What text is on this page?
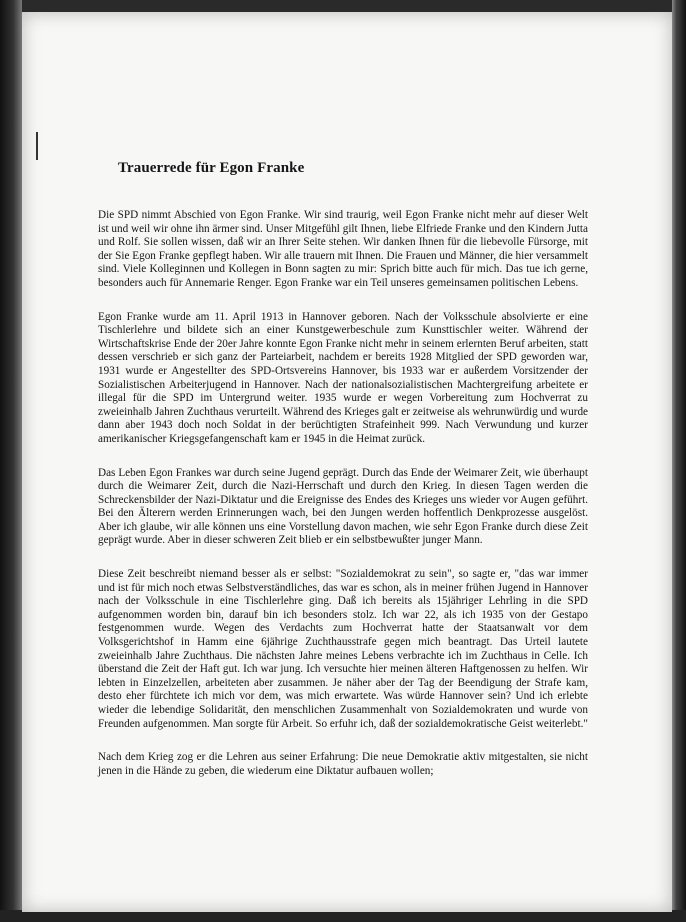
Trauerrede für Egon Franke

Die SPD nimmt Abschied von Egon Franke. Wir sind traurig, weil Egon Franke nicht mehr auf dieser Welt ist und weil wir ohne ihn ärmer sind. Unser Mitgefühl gilt Ihnen, liebe Elfriede Franke und den Kindern Jutta und Rolf. Sie sollen wissen, daß wir an Ihrer Seite stehen. Wir danken Ihnen für die liebevolle Fürsorge, mit der Sie Egon Franke gepflegt haben. Wir alle trauern mit Ihnen. Die Frauen und Männer, die hier versammelt sind. Viele Kolleginnen und Kollegen in Bonn sagten zu mir: Sprich bitte auch für mich. Das tue ich gerne, besonders auch für Annemarie Renger. Egon Franke war ein Teil unseres gemeinsamen politischen Lebens.

Egon Franke wurde am 11. April 1913 in Hannover geboren. Nach der Volksschule absolvierte er eine Tischlerlehre und bildete sich an einer Kunstgewerbeschule zum Kunsttischler weiter. Während der Wirtschaftskrise Ende der 20er Jahre konnte Egon Franke nicht mehr in seinem erlernten Beruf arbeiten, statt dessen verschrieb er sich ganz der Parteiarbeit, nachdem er bereits 1928 Mitglied der SPD geworden war, 1931 wurde er Angestellter des SPD-Ortsvereins Hannover, bis 1933 war er außerdem Vorsitzender der Sozialistischen Arbeiterjugend in Hannover. Nach der nationalsozialistischen Machtergreifung arbeitete er illegal für die SPD im Untergrund weiter. 1935 wurde er wegen Vorbereitung zum Hochverrat zu zweieinhalb Jahren Zuchthaus verurteilt. Während des Krieges galt er zeitweise als wehrunwürdig und wurde dann aber 1943 doch noch Soldat in der berüchtigten Strafeinheit 999. Nach Verwundung und kurzer amerikanischer Kriegsgefangenschaft kam er 1945 in die Heimat zurück.

Das Leben Egon Frankes war durch seine Jugend geprägt. Durch das Ende der Weimarer Zeit, wie überhaupt durch die Weimarer Zeit, durch die Nazi-Herrschaft und durch den Krieg. In diesen Tagen werden die Schreckensbilder der Nazi-Diktatur und die Ereignisse des Endes des Krieges uns wieder vor Augen geführt. Bei den Älterern werden Erinnerungen wach, bei den Jungen werden hoffentlich Denkprozesse ausgelöst. Aber ich glaube, wir alle können uns eine Vorstellung davon machen, wie sehr Egon Franke durch diese Zeit geprägt wurde. Aber in dieser schweren Zeit blieb er ein selbstbewußter junger Mann.

Diese Zeit beschreibt niemand besser als er selbst: "Sozialdemokrat zu sein", so sagte er, "das war immer und ist für mich noch etwas Selbstverständliches, das war es schon, als in meiner frühen Jugend in Hannover nach der Volksschule in eine Tischlerlehre ging. Daß ich bereits als 15jähriger Lehrling in die SPD aufgenommen worden bin, darauf bin ich besonders stolz. Ich war 22, als ich 1935 von der Gestapo festgenommen wurde. Wegen des Verdachts zum Hochverrat hatte der Staatsanwalt vor dem Volksgerichtshof in Hamm eine 6jährige Zuchthausstrafe gegen mich beantragt. Das Urteil lautete zweieinhalb Jahre Zuchthaus. Die nächsten Jahre meines Lebens verbrachte ich im Zuchthaus in Celle. Ich überstand die Zeit der Haft gut. Ich war jung. Ich versuchte hier meinen älteren Haftgenossen zu helfen. Wir lebten in Einzelzellen, arbeiteten aber zusammen. Je näher aber der Tag der Beendigung der Strafe kam, desto eher fürchtete ich mich vor dem, was mich erwartete. Was würde Hannover sein? Und ich erlebte wieder die lebendige Solidarität, den menschlichen Zusammenhalt von Sozialdemokraten und wurde von Freunden aufgenommen. Man sorgte für Arbeit. So erfuhr ich, daß der sozialdemokratische Geist weiterlebt."

Nach dem Krieg zog er die Lehren aus seiner Erfahrung: Die neue Demokratie aktiv mitgestalten, sie nicht jenen in die Hände zu geben, die wiederum eine Diktatur aufbauen wollen;
